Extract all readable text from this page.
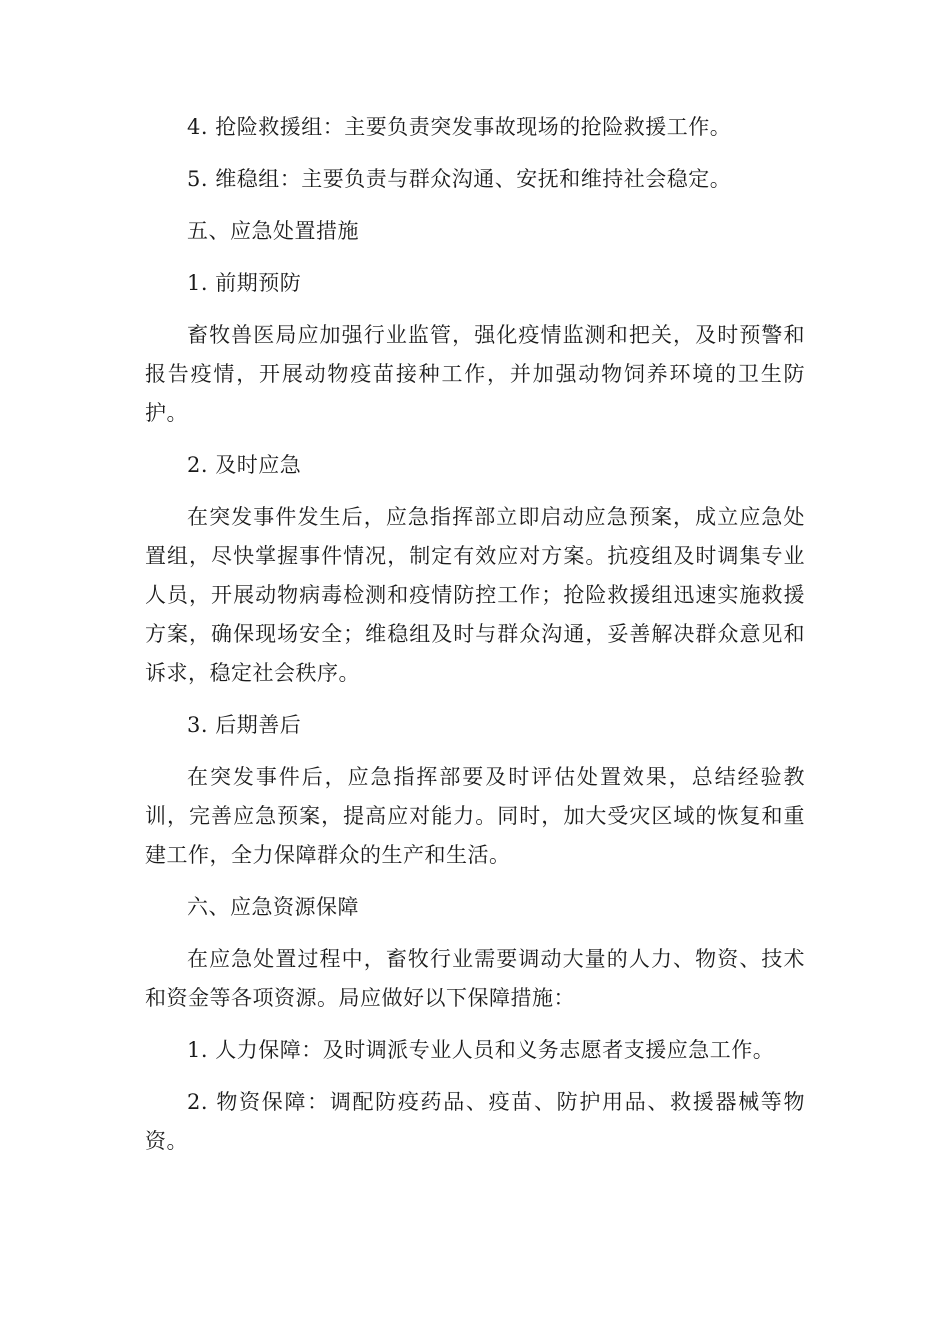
4. 抢险救援组：主要负责突发事故现场的抢险救援工作。

5. 维稳组：主要负责与群众沟通、安抚和维持社会稳定。

五、应急处置措施

1. 前期预防

畜牧兽医局应加强行业监管，强化疫情监测和把关，及时预警和报告疫情，开展动物疫苗接种工作，并加强动物饲养环境的卫生防护。

2. 及时应急

在突发事件发生后，应急指挥部立即启动应急预案，成立应急处置组，尽快掌握事件情况，制定有效应对方案。抗疫组及时调集专业人员，开展动物病毒检测和疫情防控工作；抢险救援组迅速实施救援方案，确保现场安全；维稳组及时与群众沟通，妥善解决群众意见和诉求，稳定社会秩序。

3. 后期善后

在突发事件后，应急指挥部要及时评估处置效果，总结经验教训，完善应急预案，提高应对能力。同时，加大受灾区域的恢复和重建工作，全力保障群众的生产和生活。

六、应急资源保障

在应急处置过程中，畜牧行业需要调动大量的人力、物资、技术和资金等各项资源。局应做好以下保障措施：

1. 人力保障：及时调派专业人员和义务志愿者支援应急工作。

2. 物资保障：调配防疫药品、疫苗、防护用品、救援器械等物资。
